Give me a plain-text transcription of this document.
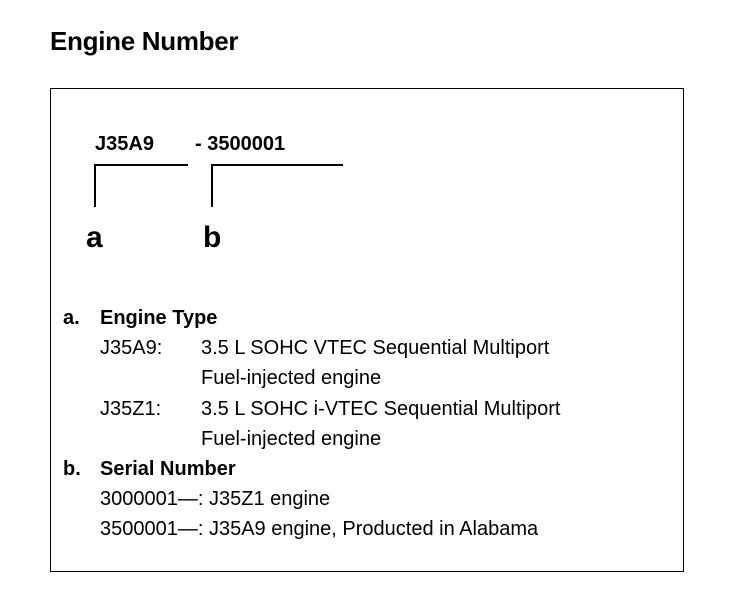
Engine Number
J35A9 - 3500001
a	b
a. Engine Type
J35A9: 3.5 L SOHC VTEC Sequential Multiport
Fuel-injected engine
J35Z1: 3.5 L SOHC i-VTEC Sequential Multiport
Fuel-injected engine
b. Serial Number
3000001—: J35Z1 engine
3500001—: J35A9 engine, Producted in Alabama
